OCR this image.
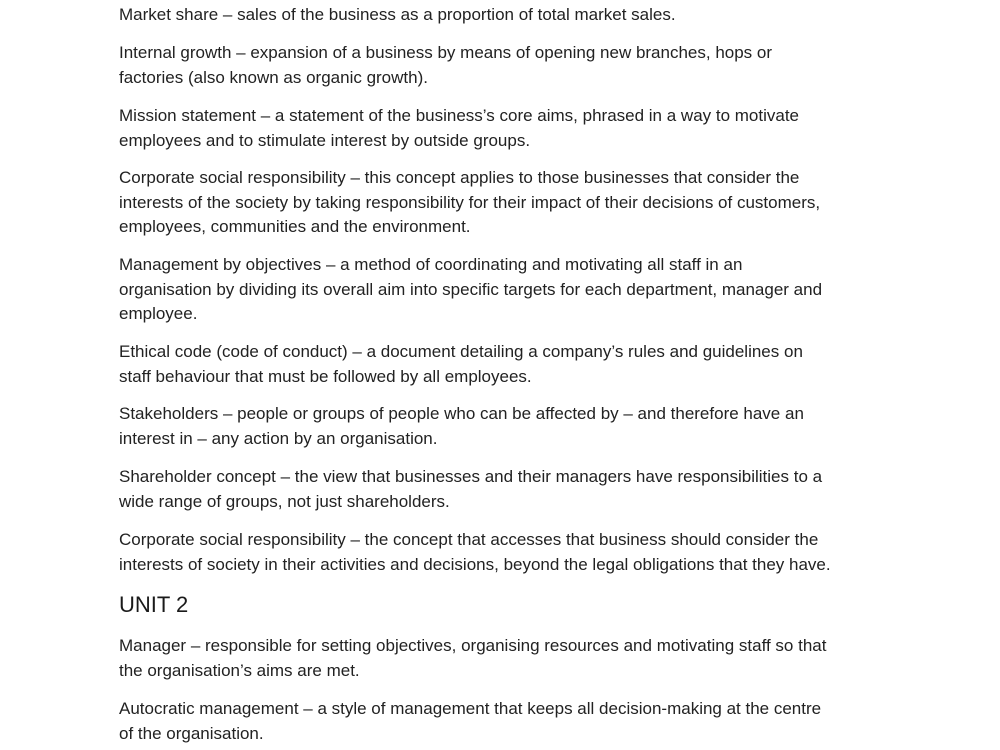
Market share – sales of the business as a proportion of total market sales.
Internal growth – expansion of a business by means of opening new branches, hops or
factories (also known as organic growth).
Mission statement – a statement of the business’s core aims, phrased in a way to motivate
employees and to stimulate interest by outside groups.
Corporate social responsibility – this concept applies to those businesses that consider the
interests of the society by taking responsibility for their impact of their decisions of customers,
employees, communities and the environment.
Management by objectives – a method of coordinating and motivating all staff in an
organisation by dividing its overall aim into specific targets for each department, manager and
employee.
Ethical code (code of conduct) – a document detailing a company’s rules and guidelines on
staff behaviour that must be followed by all employees.
Stakeholders – people or groups of people who can be affected by – and therefore have an
interest in – any action by an organisation.
Shareholder concept – the view that businesses and their managers have responsibilities to a
wide range of groups, not just shareholders.
Corporate social responsibility – the concept that accesses that business should consider the
interests of society in their activities and decisions, beyond the legal obligations that they have.
UNIT 2
Manager – responsible for setting objectives, organising resources and motivating staff so that
the organisation’s aims are met.
Autocratic management – a style of management that keeps all decision-making at the centre
of the organisation.
